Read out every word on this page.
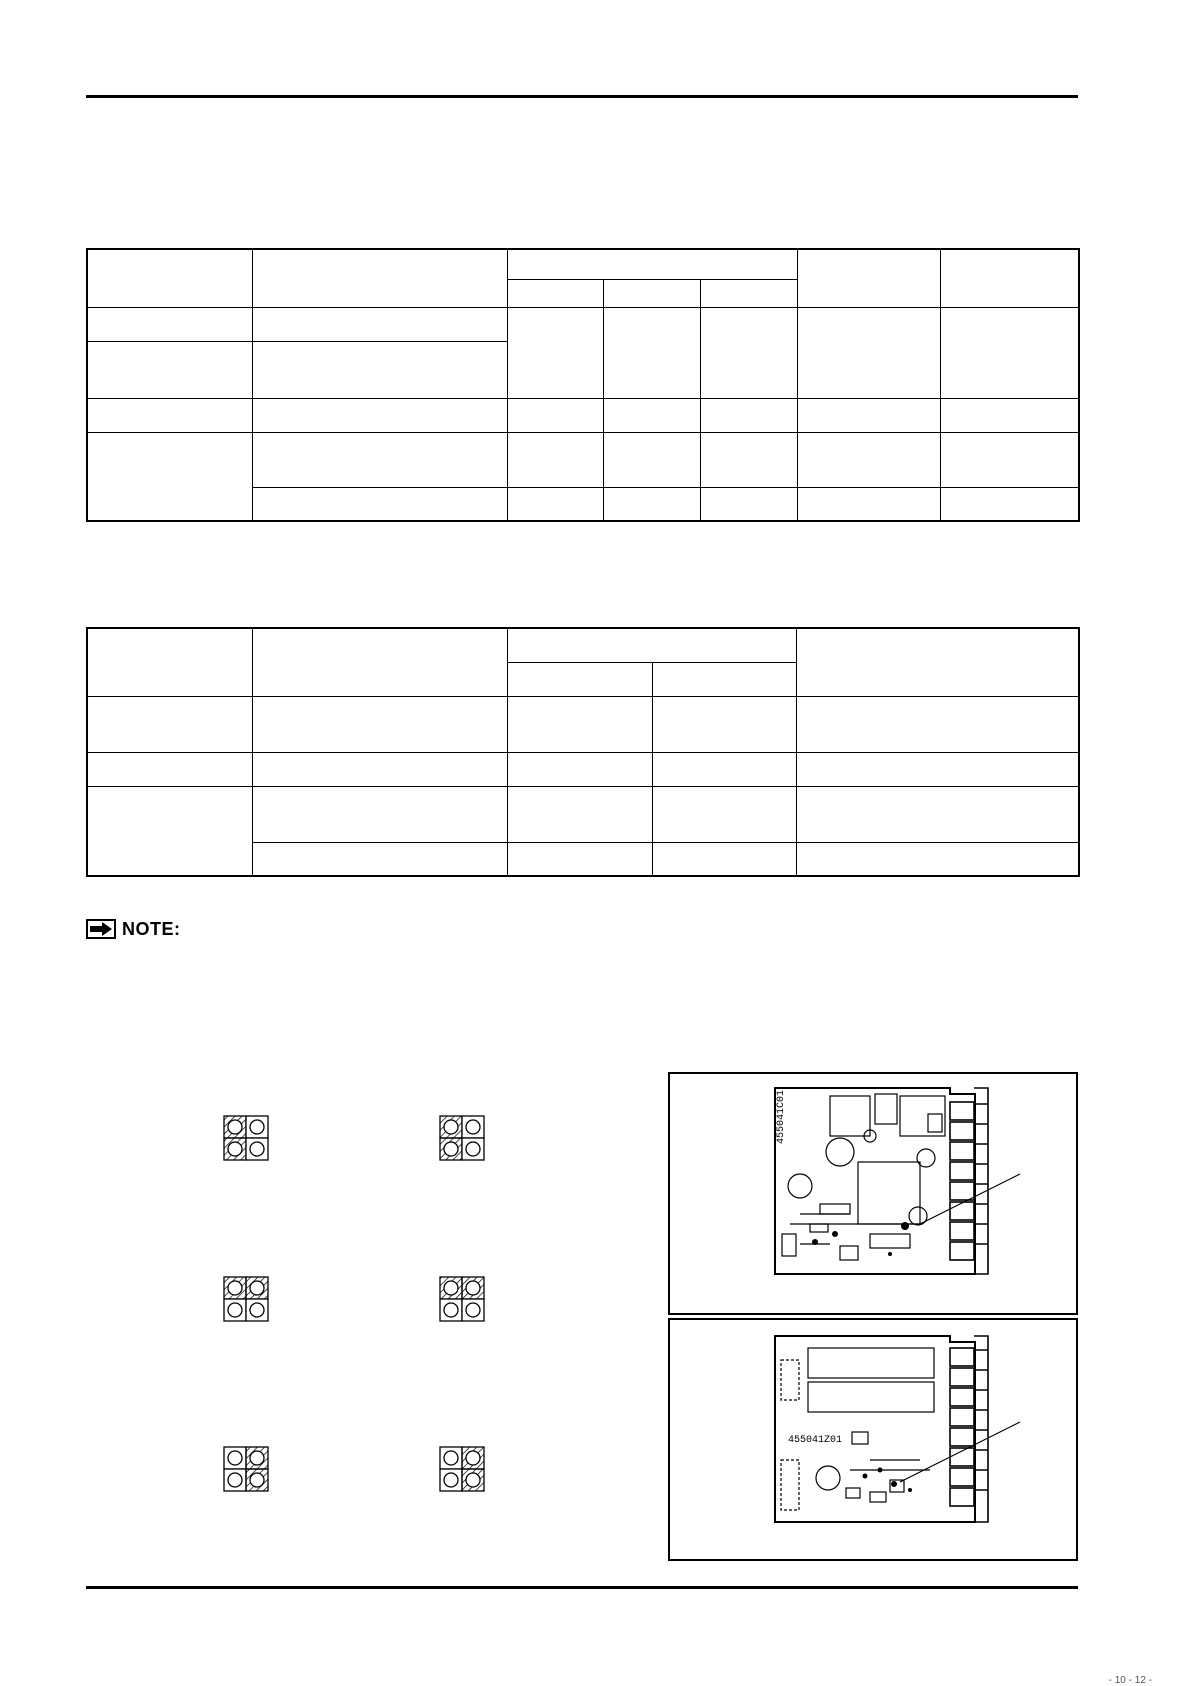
NOTE:
455041C01
455041Z01
- 10 - 12 -
